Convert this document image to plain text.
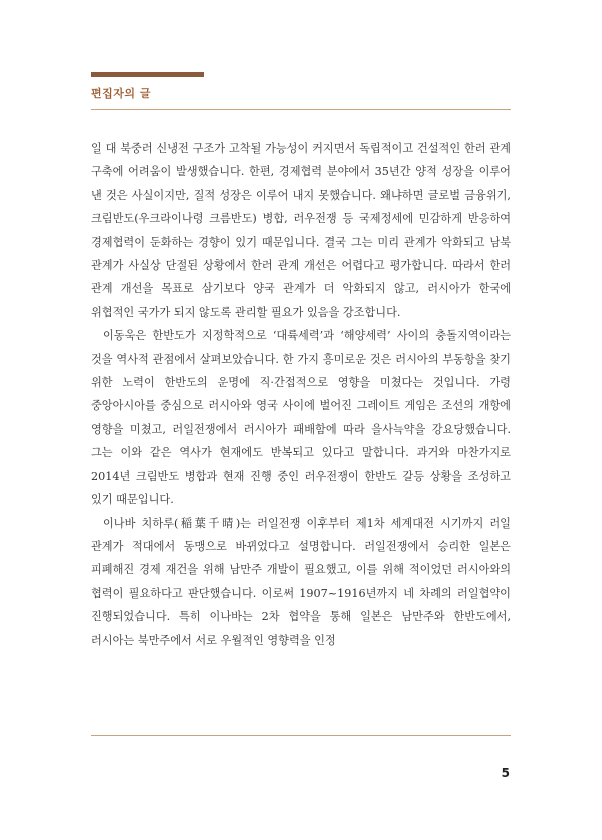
편집자의 글

일 대 북중러 신냉전 구조가 고착될 가능성이 커지면서 독립적이고 건설적인 한러 관계 구축에 어려움이 발생했습니다. 한편, 경제협력 분야에서 35년간 양적 성장을 이루어 낸 것은 사실이지만, 질적 성장은 이루어 내지 못했습니다. 왜냐하면 글로벌 금융위기, 크림반도(우크라이나령 크름반도) 병합, 러우전쟁 등 국제정세에 민감하게 반응하여 경제협력이 둔화하는 경향이 있기 때문입니다. 결국 그는 미리 관계가 악화되고 남북 관계가 사실상 단절된 상황에서 한러 관계 개선은 어렵다고 평가합니다. 따라서 한러 관계 개선을 목표로 삼기보다 양국 관계가 더 악화되지 않고, 러시아가 한국에 위협적인 국가가 되지 않도록 관리할 필요가 있음을 강조합니다.

이동욱은 한반도가 지정학적으로 ‘대륙세력’과 ‘해양세력’ 사이의 충돌지역이라는 것을 역사적 관점에서 살펴보았습니다. 한 가지 흥미로운 것은 러시아의 부동항을 찾기 위한 노력이 한반도의 운명에 직·간접적으로 영향을 미쳤다는 것입니다. 가령 중앙아시아를 중심으로 러시아와 영국 사이에 벌어진 그레이트 게임은 조선의 개항에 영향을 미쳤고, 러일전쟁에서 러시아가 패배함에 따라 을사늑약을 강요당했습니다. 그는 이와 같은 역사가 현재에도 반복되고 있다고 말합니다. 과거와 마찬가지로 2014년 크림반도 병합과 현재 진행 중인 러우전쟁이 한반도 갈등 상황을 조성하고 있기 때문입니다.

이나바 치하루(稲葉千晴)는 러일전쟁 이후부터 제1차 세계대전 시기까지 러일 관계가 적대에서 동맹으로 바뀌었다고 설명합니다. 러일전쟁에서 승리한 일본은 피폐해진 경제 재건을 위해 남만주 개발이 필요했고, 이를 위해 적이었던 러시아와의 협력이 필요하다고 판단했습니다. 이로써 1907~1916년까지 네 차례의 러일협약이 진행되었습니다. 특히 이나바는 2차 협약을 통해 일본은 남만주와 한반도에서, 러시아는 북만주에서 서로 우월적인 영향력을 인정

5
